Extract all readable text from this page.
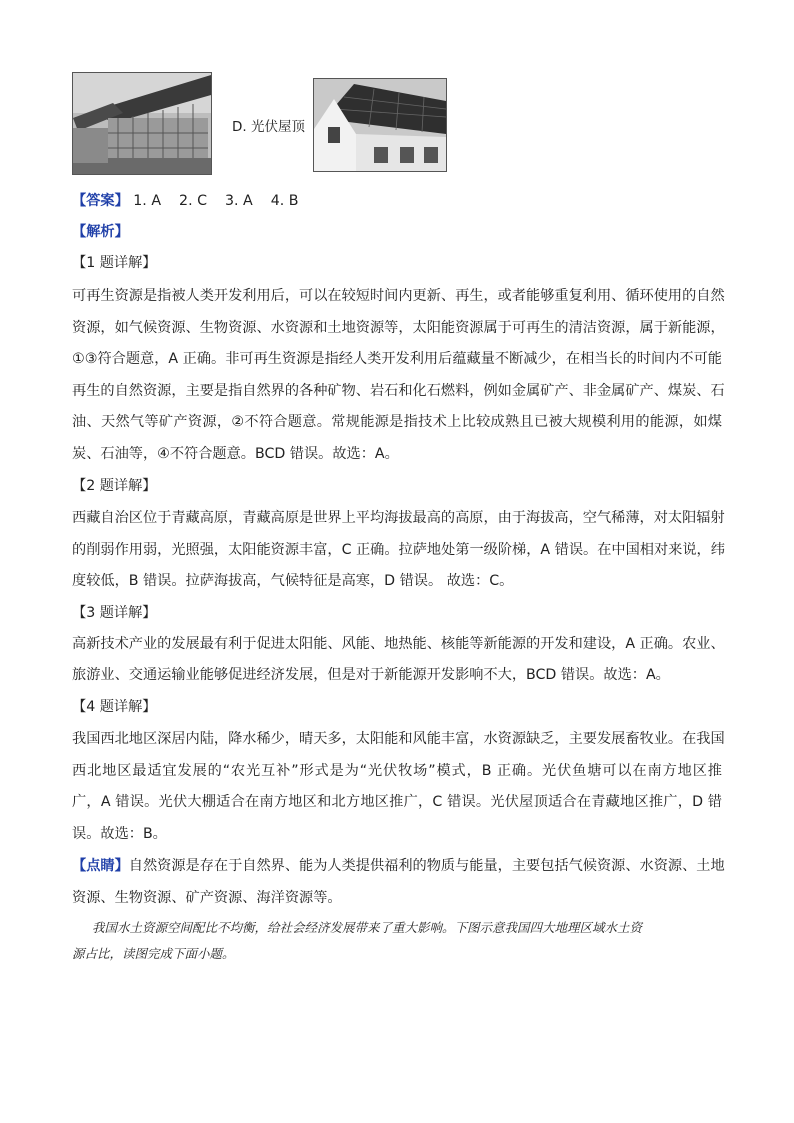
D. 光伏屋顶
【答案】 1. A 2. C 3. A 4. B
【解析】
【1 题详解】
可再生资源是指被人类开发利用后，可以在较短时间内更新、再生，或者能够重复利用、循环使用的自然
资源，如气候资源、生物资源、水资源和土地资源等，太阳能资源属于可再生的清洁资源，属于新能源，
①③符合题意，A 正确。非可再生资源是指经人类开发利用后蕴藏量不断减少，在相当长的时间内不可能
再生的自然资源，主要是指自然界的各种矿物、岩石和化石燃料，例如金属矿产、非金属矿产、煤炭、石
油、天然气等矿产资源，②不符合题意。常规能源是指技术上比较成熟且已被大规模利用的能源，如煤
炭、石油等，④不符合题意。BCD 错误。故选：A。
【2 题详解】
西藏自治区位于青藏高原，青藏高原是世界上平均海拔最高的高原，由于海拔高，空气稀薄，对太阳辐射
的削弱作用弱，光照强，太阳能资源丰富，C 正确。拉萨地处第一级阶梯，A 错误。在中国相对来说，纬
度较低，B 错误。拉萨海拔高，气候特征是高寒，D 错误。 故选：C。
【3 题详解】
高新技术产业的发展最有利于促进太阳能、风能、地热能、核能等新能源的开发和建设，A 正确。农业、
旅游业、交通运输业能够促进经济发展，但是对于新能源开发影响不大，BCD 错误。故选：A。
【4 题详解】
我国西北地区深居内陆，降水稀少，晴天多，太阳能和风能丰富，水资源缺乏，主要发展畜牧业。在我国
西北地区最适宜发展的“农光互补”形式是为“光伏牧场”模式，B 正确。光伏鱼塘可以在南方地区推
广，A 错误。光伏大棚适合在南方地区和北方地区推广，C 错误。光伏屋顶适合在青藏地区推广，D 错
误。故选：B。
【点睛】自然资源是存在于自然界、能为人类提供福利的物质与能量，主要包括气候资源、水资源、土地
资源、生物资源、矿产资源、海洋资源等。
我国水土资源空间配比不均衡，给社会经济发展带来了重大影响。下图示意我国四大地理区域水土资
源占比，读图完成下面小题。
